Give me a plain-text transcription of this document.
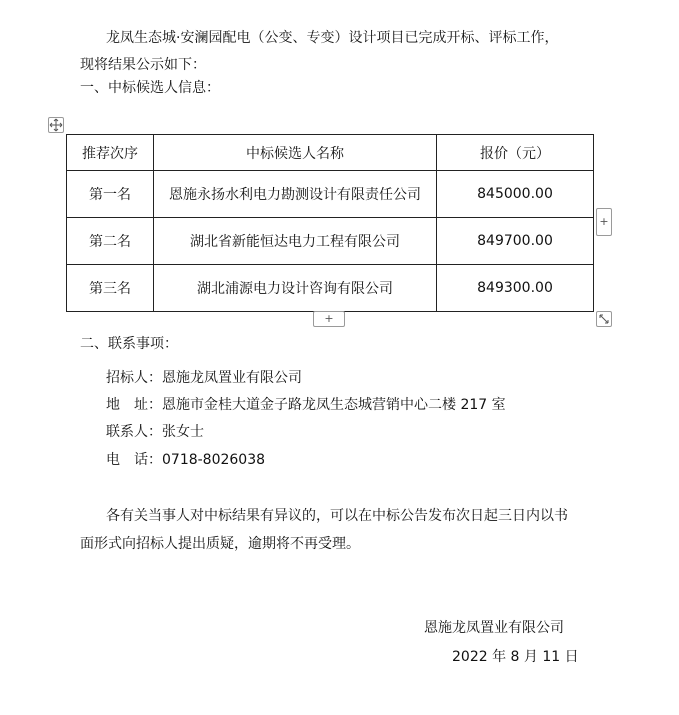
龙凤生态城·安澜园配电（公变、专变）设计项目已完成开标、评标工作，
现将结果公示如下：
一、中标候选人信息：
推荐次序	中标候选人名称	报价（元）
第一名	恩施永扬水利电力勘测设计有限责任公司	845000.00
第二名	湖北省新能恒达电力工程有限公司	849700.00
第三名	湖北浦源电力设计咨询有限公司	849300.00
+
+
二、联系事项：
招标人：恩施龙凤置业有限公司
地　址：恩施市金桂大道金子路龙凤生态城营销中心二楼 217 室
联系人：张女士
电　话：0718-8026038
各有关当事人对中标结果有异议的，可以在中标公告发布次日起三日内以书
面形式向招标人提出质疑，逾期将不再受理。
恩施龙凤置业有限公司
2022 年 8 月 11 日
